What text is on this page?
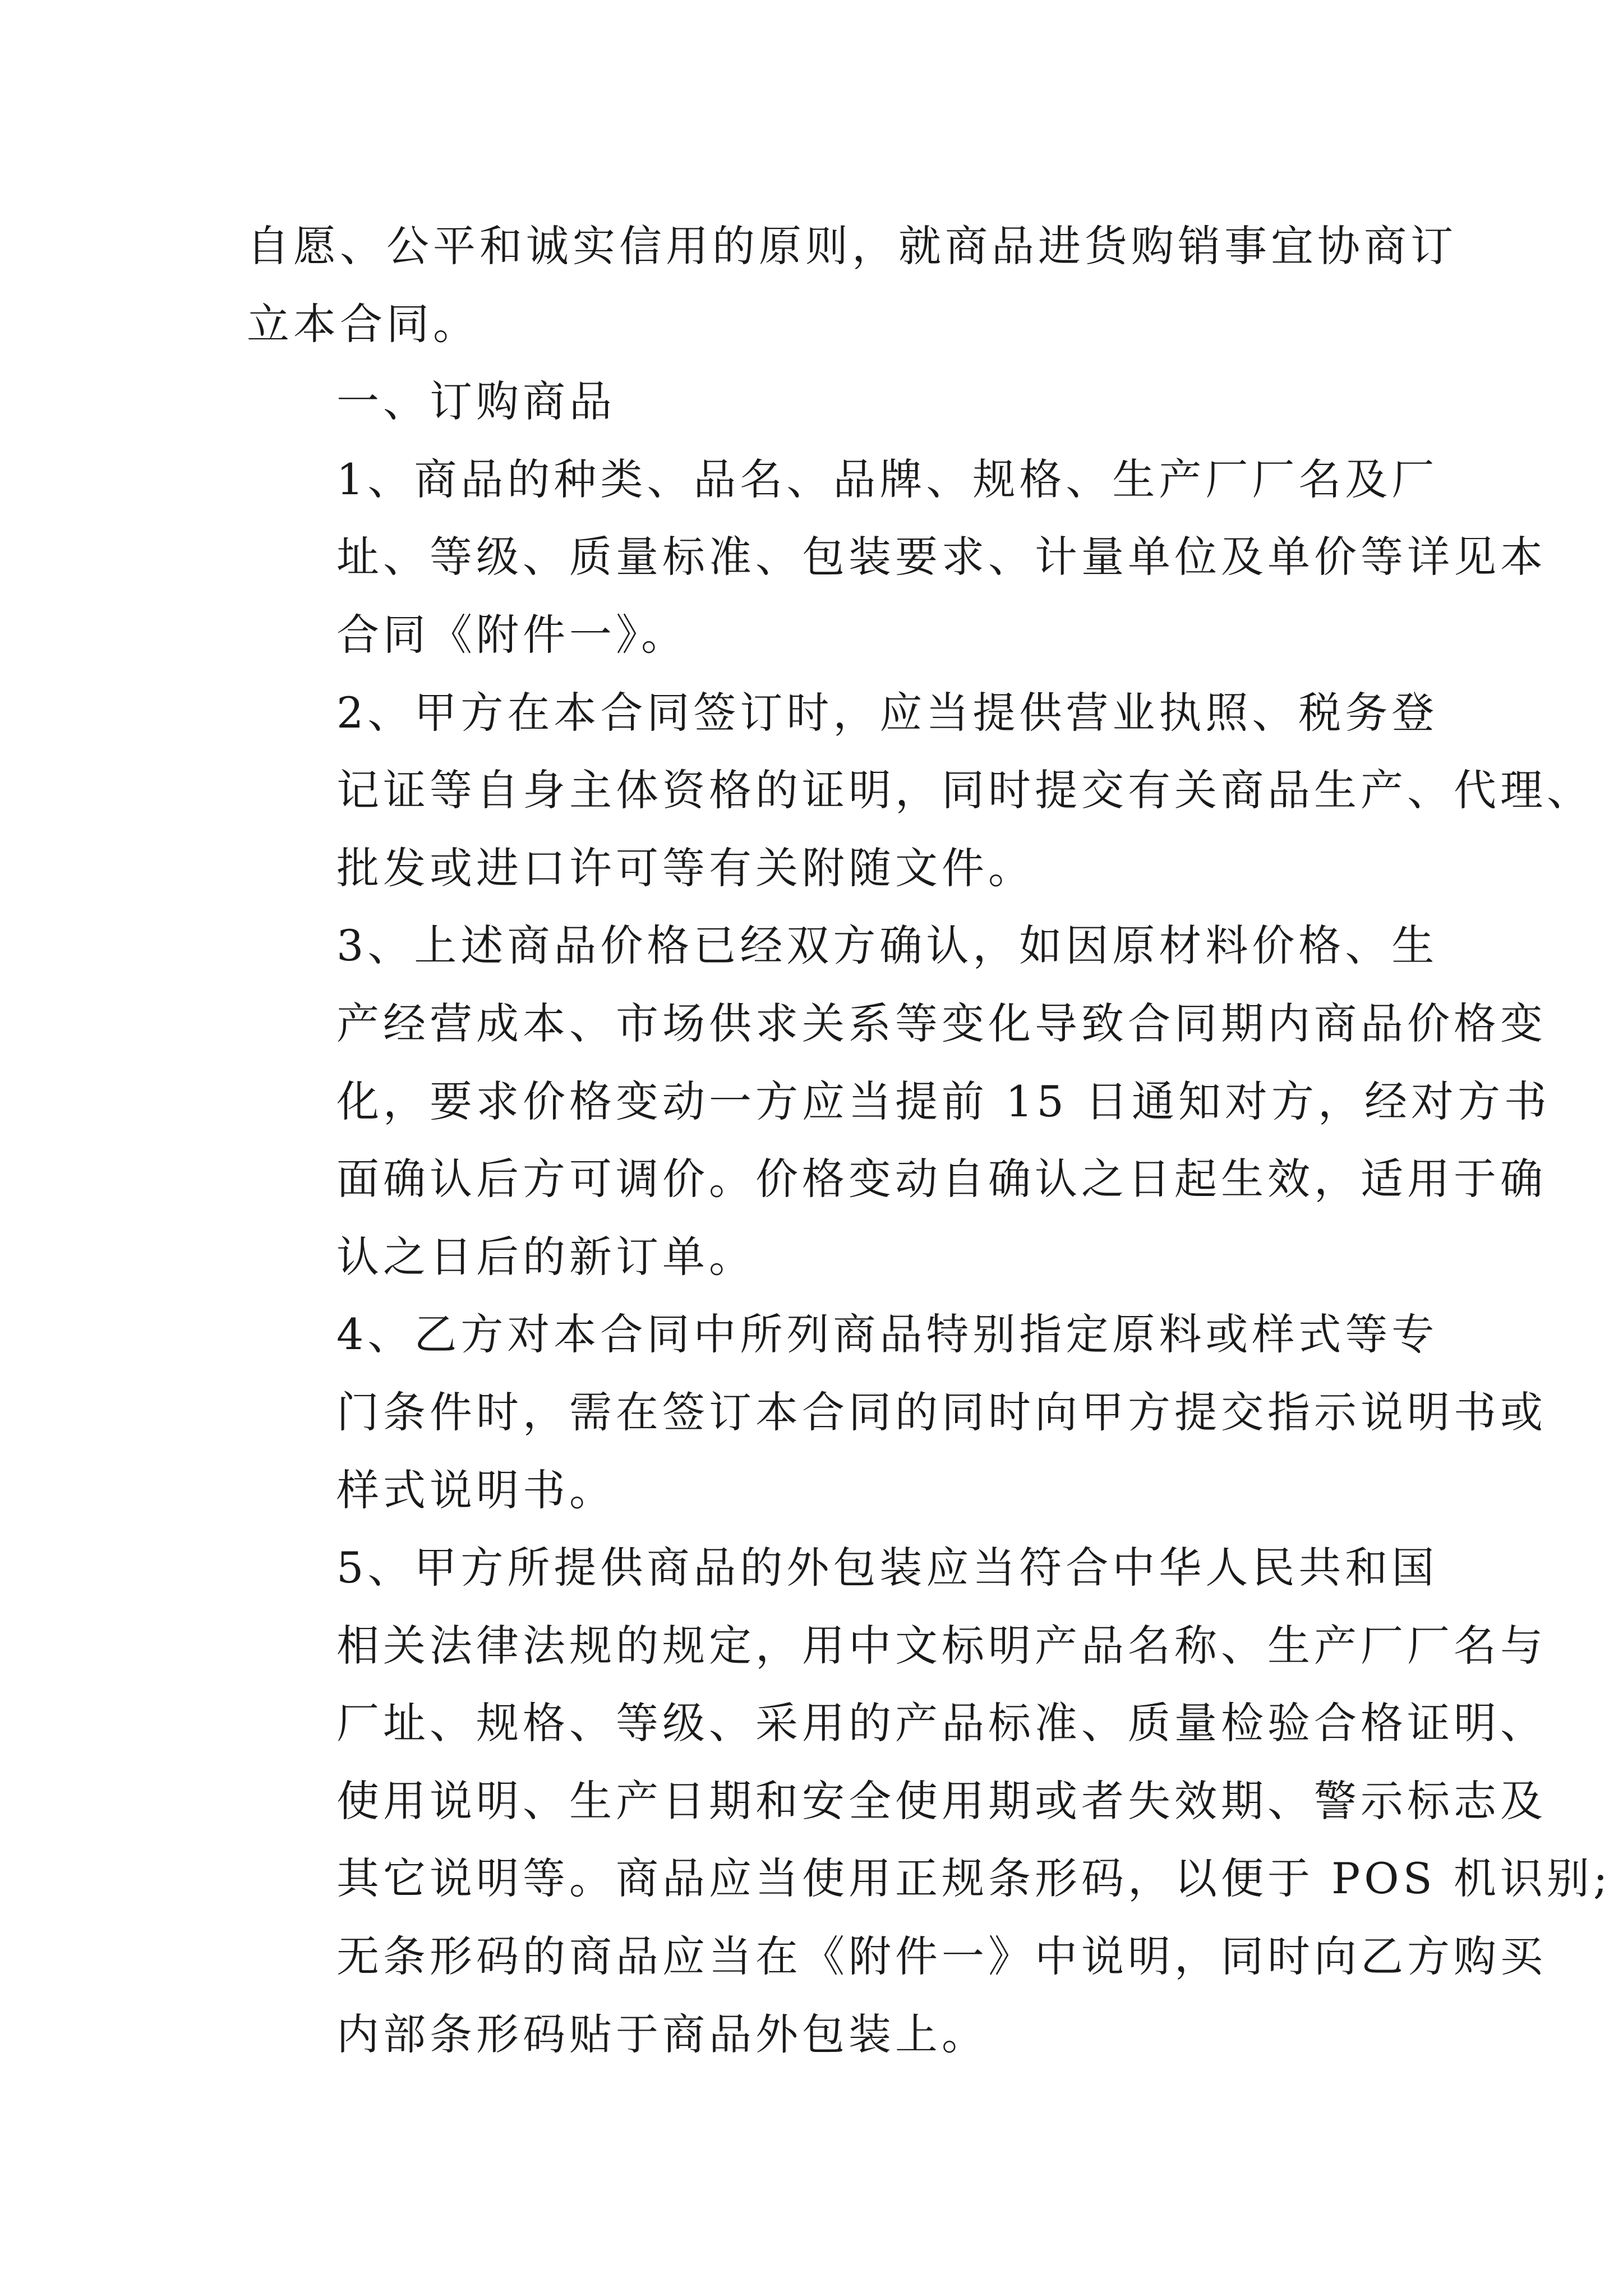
自愿、公平和诚实信用的原则，就商品进货购销事宜协商订
立本合同。

一、订购商品

1、商品的种类、品名、品牌、规格、生产厂厂名及厂
址、等级、质量标准、包装要求、计量单位及单价等详见本
合同《附件一》。

2、甲方在本合同签订时，应当提供营业执照、税务登
记证等自身主体资格的证明，同时提交有关商品生产、代理、
批发或进口许可等有关附随文件。

3、上述商品价格已经双方确认，如因原材料价格、生
产经营成本、市场供求关系等变化导致合同期内商品价格变
化，要求价格变动一方应当提前 15 日通知对方，经对方书
面确认后方可调价。价格变动自确认之日起生效，适用于确
认之日后的新订单。

4、乙方对本合同中所列商品特别指定原料或样式等专
门条件时，需在签订本合同的同时向甲方提交指示说明书或
样式说明书。

5、甲方所提供商品的外包装应当符合中华人民共和国
相关法律法规的规定，用中文标明产品名称、生产厂厂名与
厂址、规格、等级、采用的产品标准、质量检验合格证明、
使用说明、生产日期和安全使用期或者失效期、警示标志及
其它说明等。商品应当使用正规条形码，以便于 POS 机识别;
无条形码的商品应当在《附件一》中说明，同时向乙方购买
内部条形码贴于商品外包装上。
